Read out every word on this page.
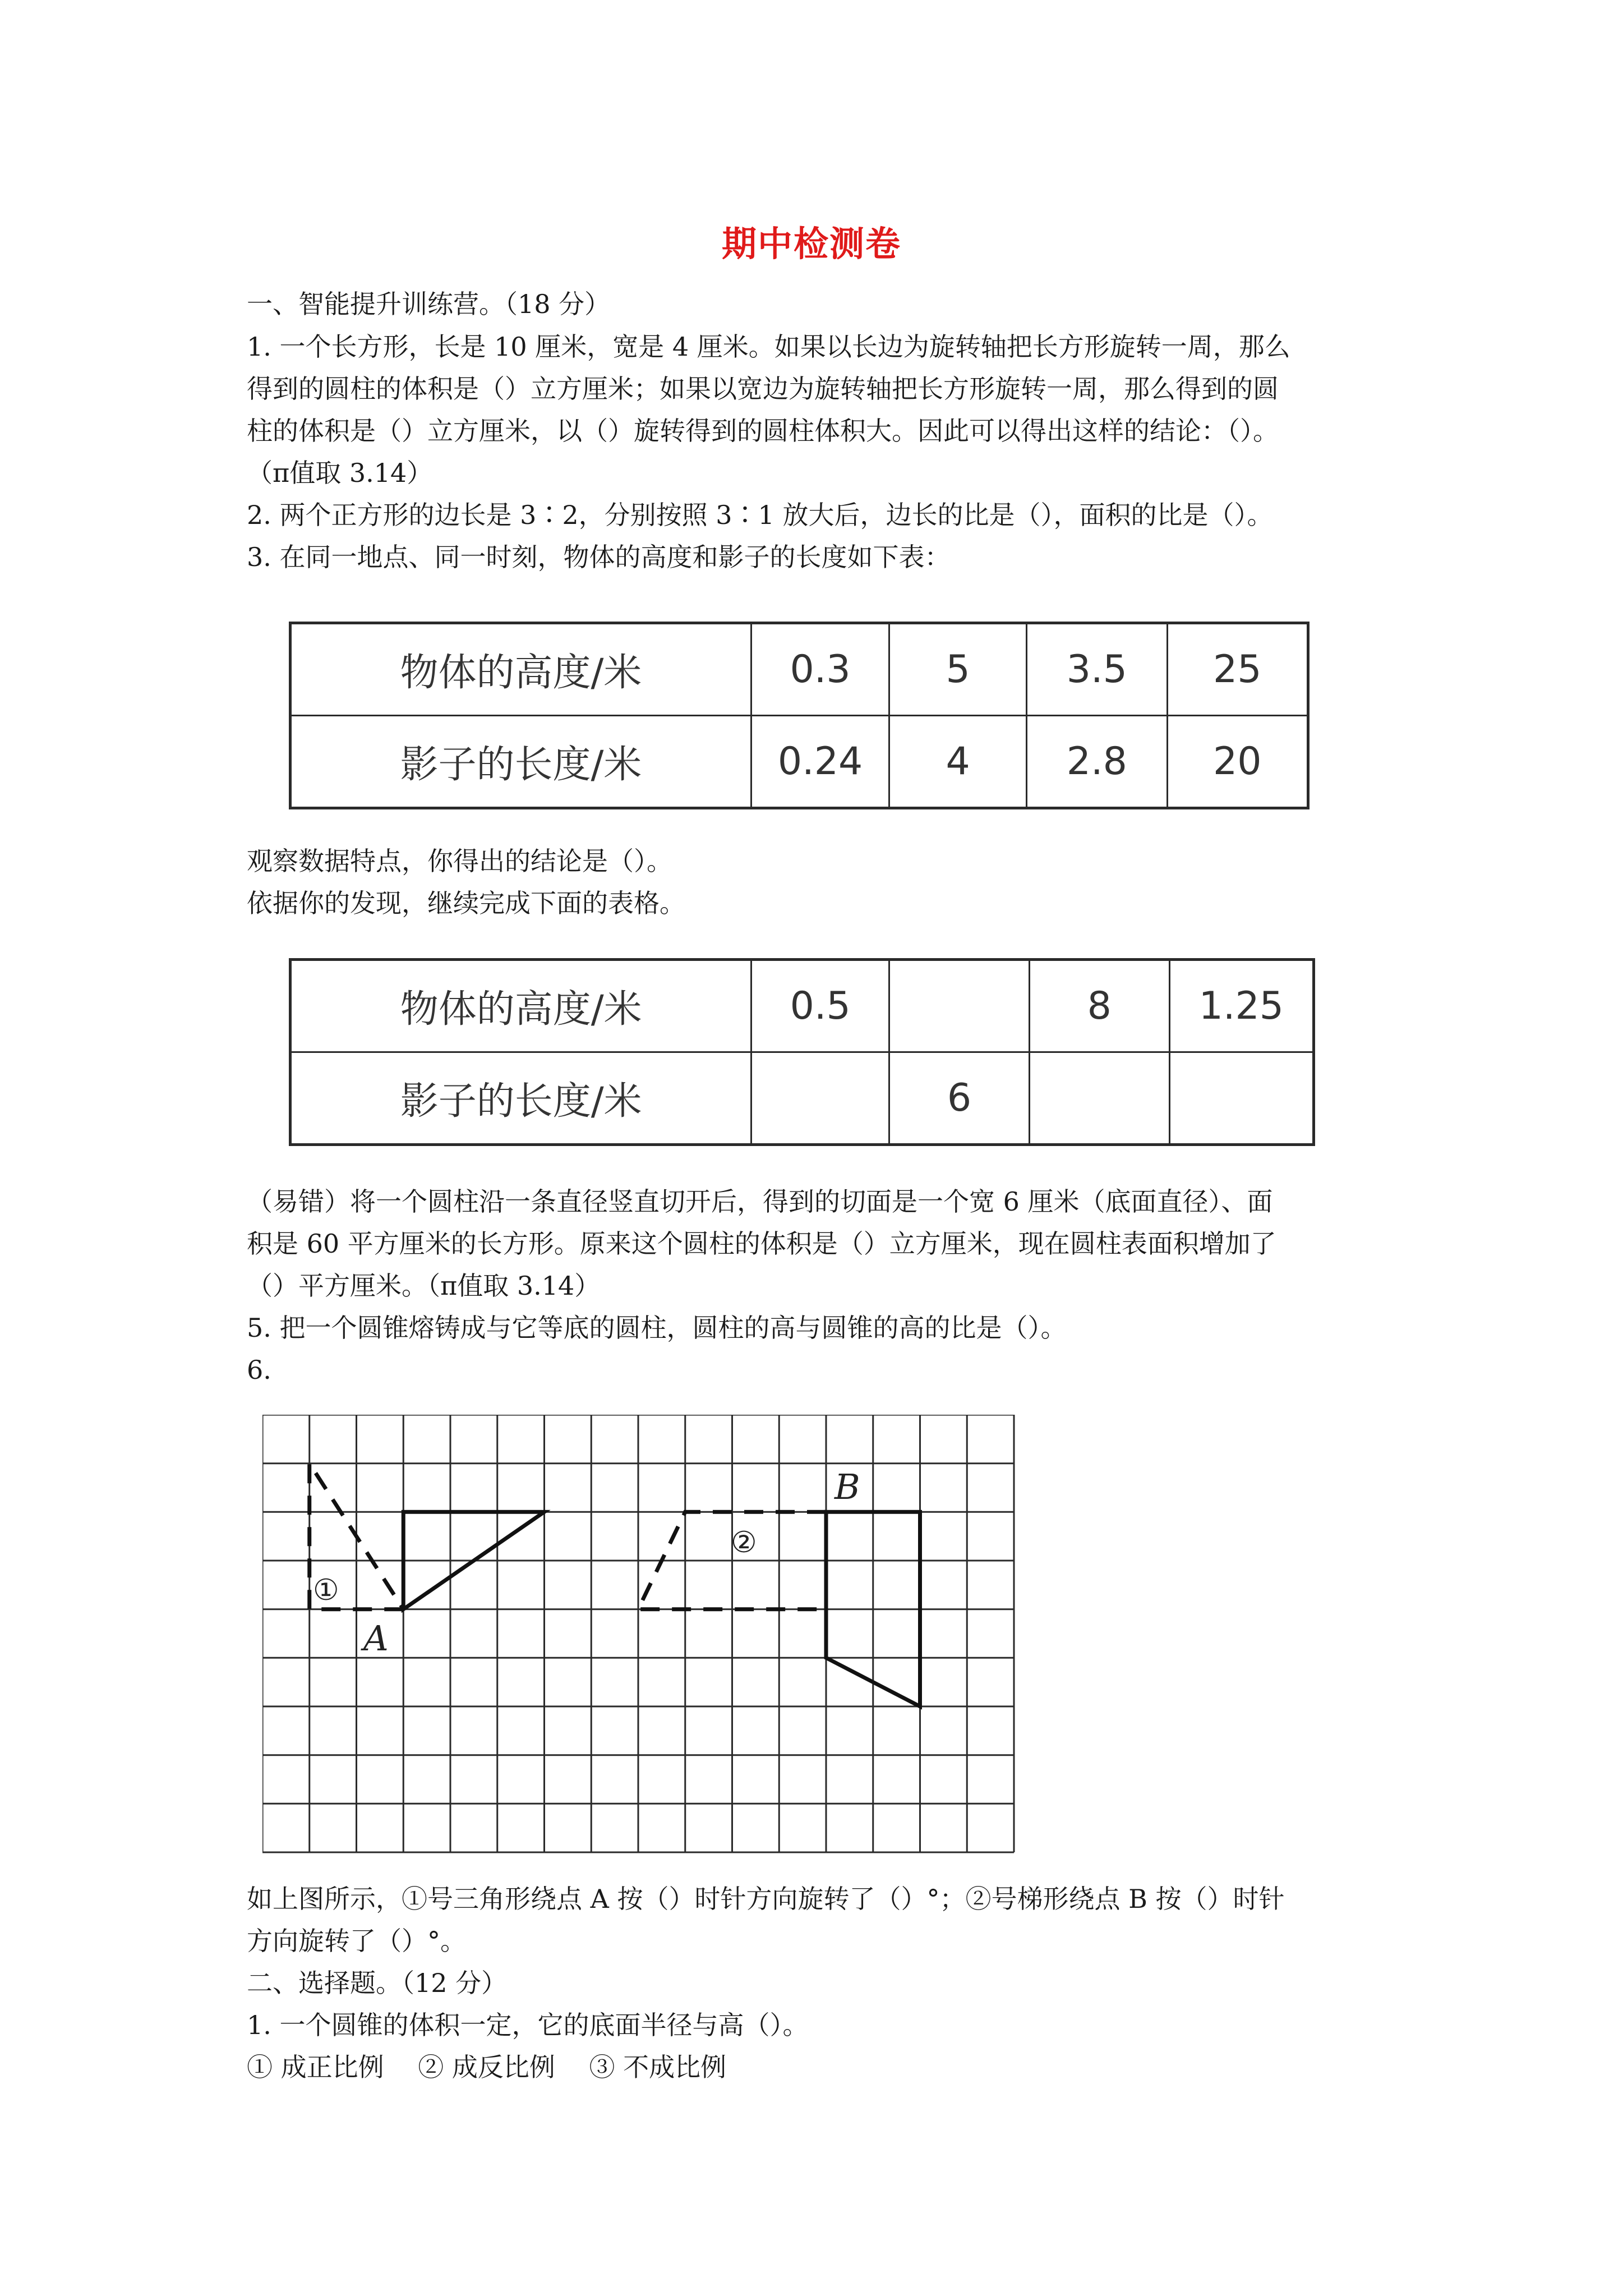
期中检测卷
一、智能提升训练营。（18 分）
1. 一个长方形，长是 10 厘米，宽是 4 厘米。如果以长边为旋转轴把长方形旋转一周，那么
得到的圆柱的体积是（）立方厘米；如果以宽边为旋转轴把长方形旋转一周，那么得到的圆
柱的体积是（）立方厘米，以（）旋转得到的圆柱体积大。因此可以得出这样的结论：（）。
（π值取 3.14）
2. 两个正方形的边长是 3∶2，分别按照 3∶1 放大后，边长的比是（），面积的比是（）。
3. 在同一地点、同一时刻，物体的高度和影子的长度如下表：
物体的高度/米	0.3	5	3.5	25
影子的长度/米	0.24	4	2.8	20
观察数据特点，你得出的结论是（）。
依据你的发现，继续完成下面的表格。
物体的高度/米	0.5		8	1.25
影子的长度/米		6		
（易错）将一个圆柱沿一条直径竖直切开后，得到的切面是一个宽 6 厘米（底面直径）、面
积是 60 平方厘米的长方形。原来这个圆柱的体积是（）立方厘米，现在圆柱表面积增加了
（）平方厘米。（π值取 3.14）
5. 把一个圆锥熔铸成与它等底的圆柱，圆柱的高与圆锥的高的比是（）。
6.
A
B
①
②
如上图所示，①号三角形绕点 A 按（）时针方向旋转了（）°；②号梯形绕点 B 按（）时针
方向旋转了（）°。
二、选择题。（12 分）
1. 一个圆锥的体积一定，它的底面半径与高（）。
① 成正比例　 ② 成反比例　 ③ 不成比例
